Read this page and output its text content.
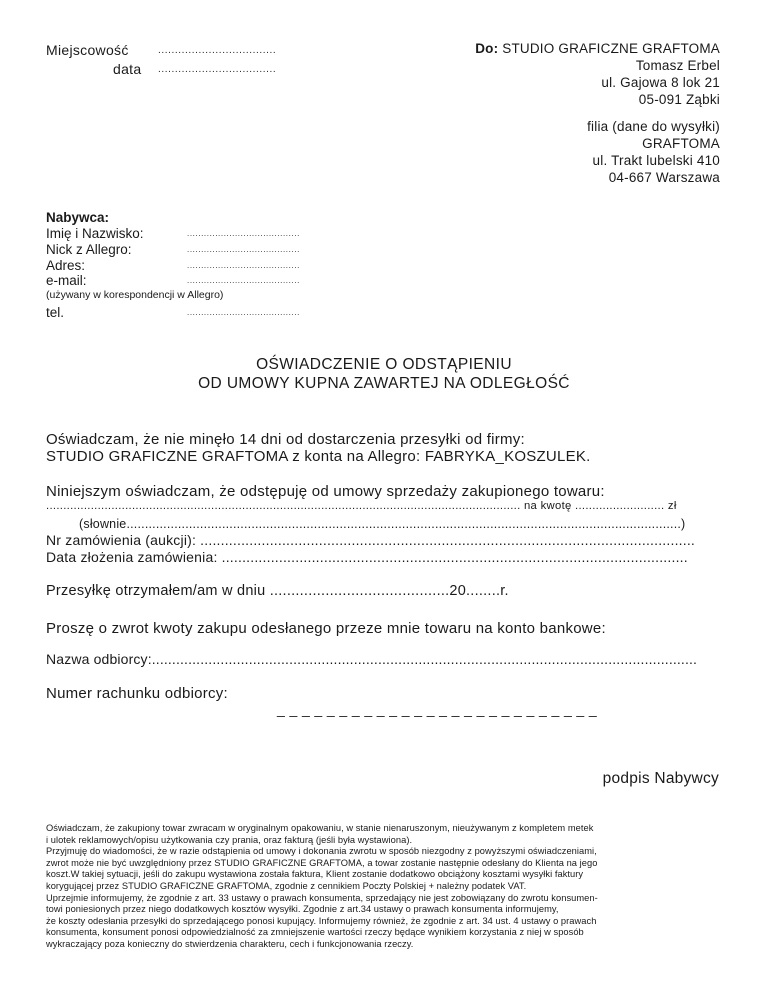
Miejscowość	...................................
data ...................................
Do: STUDIO GRAFICZNE GRAFTOMA
Tomasz Erbel
ul. Gajowa 8 lok 21
05-091 Ząbki
filia (dane do wysyłki)
GRAFTOMA
ul. Trakt lubelski 410
04-667 Warszawa
Nabywca:
Imię i Nazwisko:	........................................
Nick z Allegro:	........................................
Adres:	........................................
e-mail:	........................................
(używany w korespondencji w Allegro)
tel.	........................................
OŚWIADCZENIE O ODSTĄPIENIU
OD UMOWY KUPNA ZAWARTEJ NA ODLEGŁOŚĆ
Oświadczam, że nie minęło 14 dni od dostarczenia przesyłki od firmy:
STUDIO GRAFICZNE GRAFTOMA z konta na Allegro: FABRYKA_KOSZULEK.
Niniejszym oświadczam, że odstępuję od umowy sprzedaży zakupionego towaru:
.......................................................................................................................................... na kwotę .......................... zł
(słownie.......................................................................................................................................................)
Nr zamówienia (aukcji): .........................................................................................................................
Data złożenia zamówienia: ..................................................................................................................
Przesyłkę otrzymałem/am w dniu ..........................................20........r.
Proszę o zwrot kwoty zakupu odesłanego przeze mnie towaru na konto bankowe:
Nazwa odbiorcy:.......................................................................................................................................
Numer rachunku odbiorcy:
_ _ _ _ _ _ _ _ _ _ _ _ _ _ _ _ _ _ _ _ _ _ _ _ _ _
podpis Nabywcy
Oświadczam, że zakupiony towar zwracam w oryginalnym opakowaniu, w stanie nienaruszonym, nieużywanym z kompletem metek
i ulotek reklamowych/opisu użytkowania czy prania, oraz fakturą (jeśli była wystawiona).
Przyjmuję do wiadomości, że w razie odstąpienia od umowy i dokonania zwrotu w sposób niezgodny z powyższymi oświadczeniami,
zwrot może nie być uwzględniony przez STUDIO GRAFICZNE GRAFTOMA, a towar zostanie następnie odesłany do Klienta na jego
koszt.W takiej sytuacji, jeśli do zakupu wystawiona została faktura, Klient zostanie dodatkowo obciążony kosztami wysyłki faktury
korygującej przez STUDIO GRAFICZNE GRAFTOMA, zgodnie z cennikiem Poczty Polskiej + należny podatek VAT.
Uprzejmie informujemy, że zgodnie z art. 33 ustawy o prawach konsumenta, sprzedający nie jest zobowiązany do zwrotu konsumen-
towi poniesionych przez niego dodatkowych kosztów wysyłki. Zgodnie z art.34 ustawy o prawach konsumenta informujemy,
że koszty odesłania przesyłki do sprzedającego ponosi kupujący. Informujemy również, że zgodnie z art. 34 ust. 4 ustawy o prawach
konsumenta, konsument ponosi odpowiedzialność za zmniejszenie wartości rzeczy będące wynikiem korzystania z niej w sposób
wykraczający poza konieczny do stwierdzenia charakteru, cech i funkcjonowania rzeczy.
